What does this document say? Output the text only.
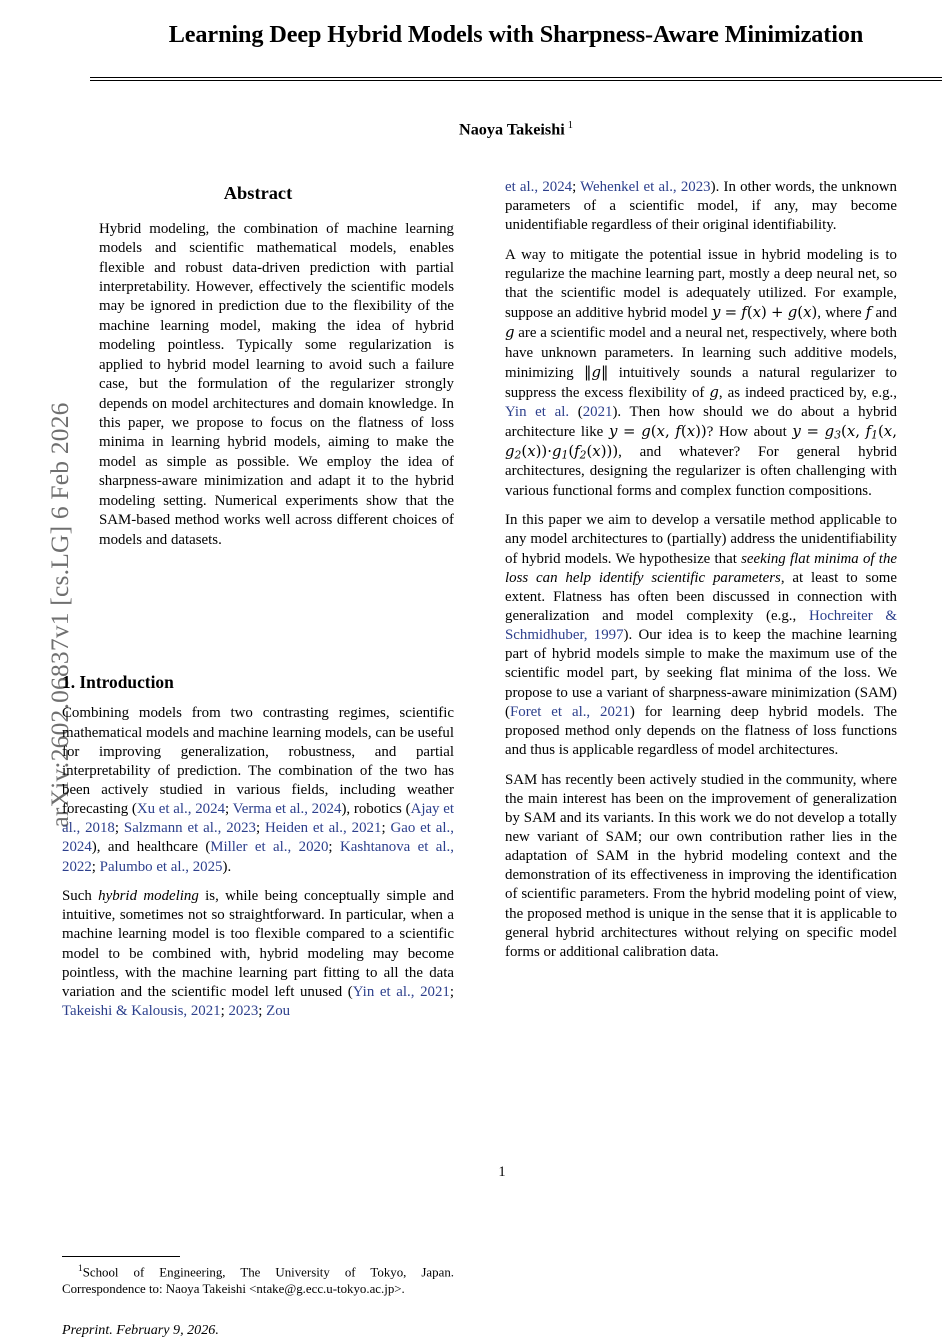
arXiv:2602.06837v1 [cs.LG] 6 Feb 2026
Learning Deep Hybrid Models with Sharpness-Aware Minimization
Naoya Takeishi $^1$
Abstract

Hybrid modeling, the combination of machine learning models and scientific mathematical models, enables flexible and robust data-driven prediction with partial interpretability. However, effectively the scientific models may be ignored in prediction due to the flexibility of the machine learning model, making the idea of hybrid modeling pointless. Typically some regularization is applied to hybrid model learning to avoid such a failure case, but the formulation of the regularizer strongly depends on model architectures and domain knowledge. In this paper, we propose to focus on the flatness of loss minima in learning hybrid models, aiming to make the model as simple as possible. We employ the idea of sharpness-aware minimization and adapt it to the hybrid modeling setting. Numerical experiments show that the SAM-based method works well across different choices of models and datasets.

1. Introduction

Combining models from two contrasting regimes, scientific mathematical models and machine learning models, can be useful for improving generalization, robustness, and partial interpretability of prediction. The combination of the two has been actively studied in various fields, including weather forecasting (Xu et al., 2024; Verma et al., 2024), robotics (Ajay et al., 2018; Salzmann et al., 2023; Heiden et al., 2021; Gao et al., 2024), and healthcare (Miller et al., 2020; Kashtanova et al., 2022; Palumbo et al., 2025).

Such hybrid modeling is, while being conceptually simple and intuitive, sometimes not so straightforward. In particular, when a machine learning model is too flexible compared to a scientific model to be combined with, hybrid modeling may become pointless, with the machine learning part fitting to all the data variation and the scientific model left unused (Yin et al., 2021; Takeishi & Kalousis, 2021; 2023; Zou

$^1$School of Engineering, The University of Tokyo, Japan. Correspondence to: Naoya Takeishi <ntake@g.ecc.u-tokyo.ac.jp>.

Preprint. February 9, 2026.

et al., 2024; Wehenkel et al., 2023). In other words, the unknown parameters of a scientific model, if any, may become unidentifiable regardless of their original identifiability.

A way to mitigate the potential issue in hybrid modeling is to regularize the machine learning part, mostly a deep neural net, so that the scientific model is adequately utilized. For example, suppose an additive hybrid model y = f(x) + g(x), where f and g are a scientific model and a neural net, respectively, where both have unknown parameters. In learning such additive models, minimizing ‖g‖ intuitively sounds a natural regularizer to suppress the excess flexibility of g, as indeed practiced by, e.g., Yin et al. (2021). Then how should we do about a hybrid architecture like y = g(x, f(x))? How about y = g3(x, f1(x, g2(x))·g1(f2(x))), and whatever? For general hybrid architectures, designing the regularizer is often challenging with various functional forms and complex function compositions.

In this paper we aim to develop a versatile method applicable to any model architectures to (partially) address the unidentifiability of hybrid models. We hypothesize that seeking flat minima of the loss can help identify scientific parameters, at least to some extent. Flatness has often been discussed in connection with generalization and model complexity (e.g., Hochreiter & Schmidhuber, 1997). Our idea is to keep the machine learning part of hybrid models simple to make the maximum use of the scientific model part, by seeking flat minima of the loss. We propose to use a variant of sharpness-aware minimization (SAM) (Foret et al., 2021) for learning deep hybrid models. The proposed method only depends on the flatness of loss functions and thus is applicable regardless of model architectures.

SAM has recently been actively studied in the community, where the main interest has been on the improvement of generalization by SAM and its variants. In this work we do not develop a totally new variant of SAM; our own contribution rather lies in the adaptation of SAM in the hybrid modeling context and the demonstration of its effectiveness in improving the identification of scientific parameters. From the hybrid modeling point of view, the proposed method is unique in the sense that it is applicable to general hybrid architectures without relying on specific model forms or additional calibration data.

1
